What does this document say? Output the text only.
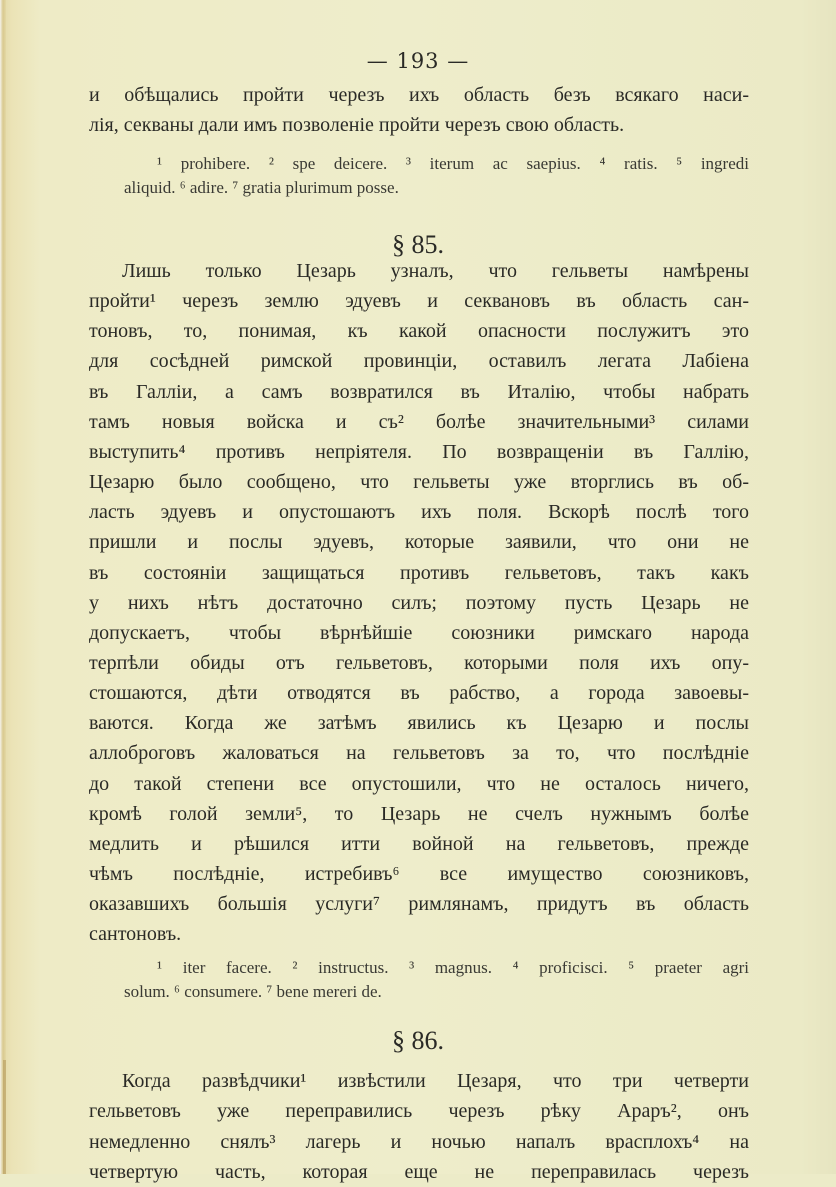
— 193 —
и обѣщались пройти черезъ ихъ область безъ всякаго наси-
лія, секваны дали имъ позволеніе пройти черезъ свою область.
¹ prohibere. ² spe deicere. ³ iterum ac saepius. ⁴ ratis. ⁵ ingredi
aliquid. ⁶ adire. ⁷ gratia plurimum posse.
§ 85.
Лишь только Цезарь узналъ, что гельветы намѣрены
пройти¹ черезъ землю эдуевъ и секвановъ въ область сан-
тоновъ, то, понимая, къ какой опасности послужитъ это
для сосѣдней римской провинціи, оставилъ легата Лабіена
въ Галліи, а самъ возвратился въ Италію, чтобы набрать
тамъ новыя войска и съ² болѣе значительными³ силами
выступить⁴ противъ непріятеля. По возвращеніи въ Галлію,
Цезарю было сообщено, что гельветы уже вторглись въ об-
ласть эдуевъ и опустошаютъ ихъ поля. Вскорѣ послѣ того
пришли и послы эдуевъ, которые заявили, что они не
въ состояніи защищаться противъ гельветовъ, такъ какъ
у нихъ нѣтъ достаточно силъ; поэтому пусть Цезарь не
допускаетъ, чтобы вѣрнѣйшіе союзники римскаго народа
терпѣли обиды отъ гельветовъ, которыми поля ихъ опу-
стошаются, дѣти отводятся въ рабство, а города завоевы-
ваются. Когда же затѣмъ явились къ Цезарю и послы
аллоброговъ жаловаться на гельветовъ за то, что послѣдніе
до такой степени все опустошили, что не осталось ничего,
кромѣ голой земли⁵, то Цезарь не счелъ нужнымъ болѣе
медлить и рѣшился итти войной на гельветовъ, прежде
чѣмъ послѣдніе, истребивъ⁶ все имущество союзниковъ,
оказавшихъ большія услуги⁷ римлянамъ, придутъ въ область
сантоновъ.
¹ iter facere. ² instructus. ³ magnus. ⁴ proficisci. ⁵ praeter agri
solum. ⁶ consumere. ⁷ bene mereri de.
§ 86.
Когда развѣдчики¹ извѣстили Цезаря, что три четверти
гельветовъ уже переправились черезъ рѣку Араръ², онъ
немедленно снялъ³ лагерь и ночью напалъ врасплохъ⁴ на
четвертую часть, которая еще не переправилась черезъ
